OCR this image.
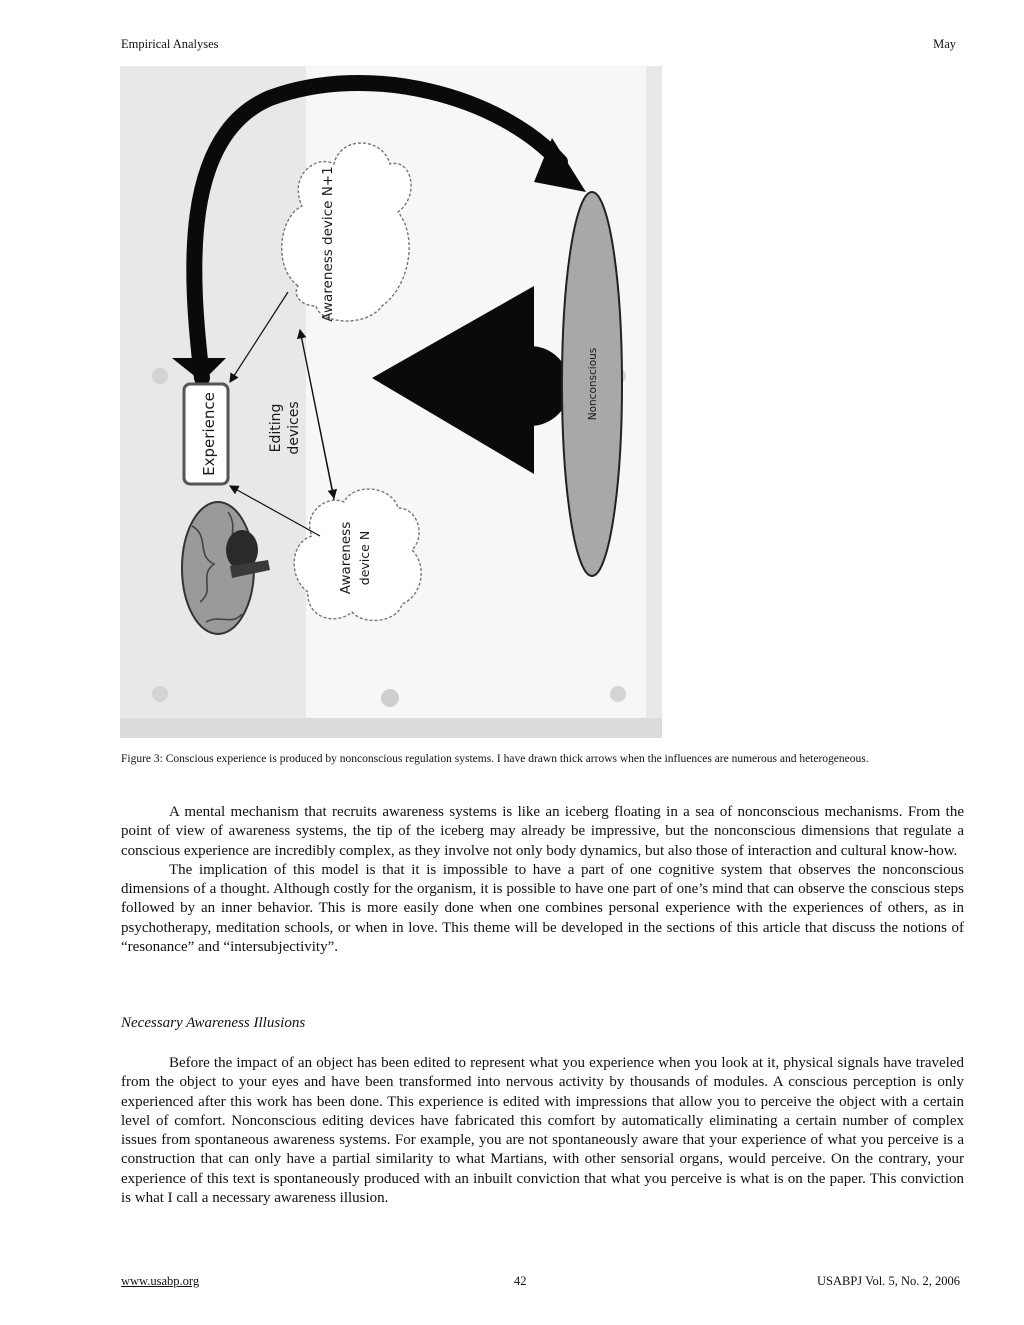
Empirical Analyses	May
Experience	Editing devices
Awareness device N+1
Awareness device N
Nonconscious
Figure 3: Conscious experience is produced by nonconscious regulation systems. I have drawn thick arrows when the influences are numerous and heterogeneous.

A mental mechanism that recruits awareness systems is like an iceberg floating in a sea of nonconscious mechanisms. From the point of view of awareness systems, the tip of the iceberg may already be impressive, but the nonconscious dimensions that regulate a conscious experience are incredibly complex, as they involve not only body dynamics, but also those of interaction and cultural know-how.

The implication of this model is that it is impossible to have a part of one cognitive system that observes the nonconscious dimensions of a thought. Although costly for the organism, it is possible to have one part of one’s mind that can observe the conscious steps followed by an inner behavior. This is more easily done when one combines personal experience with the experiences of others, as in psychotherapy, meditation schools, or when in love. This theme will be developed in the sections of this article that discuss the notions of “resonance” and “intersubjectivity”.

Necessary Awareness Illusions

Before the impact of an object has been edited to represent what you experience when you look at it, physical signals have traveled from the object to your eyes and have been transformed into nervous activity by thousands of modules. A conscious perception is only experienced after this work has been done. This experience is edited with impressions that allow you to perceive the object with a certain level of comfort. Nonconscious editing devices have fabricated this comfort by automatically eliminating a certain number of complex issues from spontaneous awareness systems. For example, you are not spontaneously aware that your experience of what you perceive is a construction that can only have a partial similarity to what Martians, with other sensorial organs, would perceive. On the contrary, your experience of this text is spontaneously produced with an inbuilt conviction that what you perceive is what is on the paper. This conviction is what I call a necessary awareness illusion.

www.usabp.org	42	USABPJ Vol. 5, No. 2, 2006
